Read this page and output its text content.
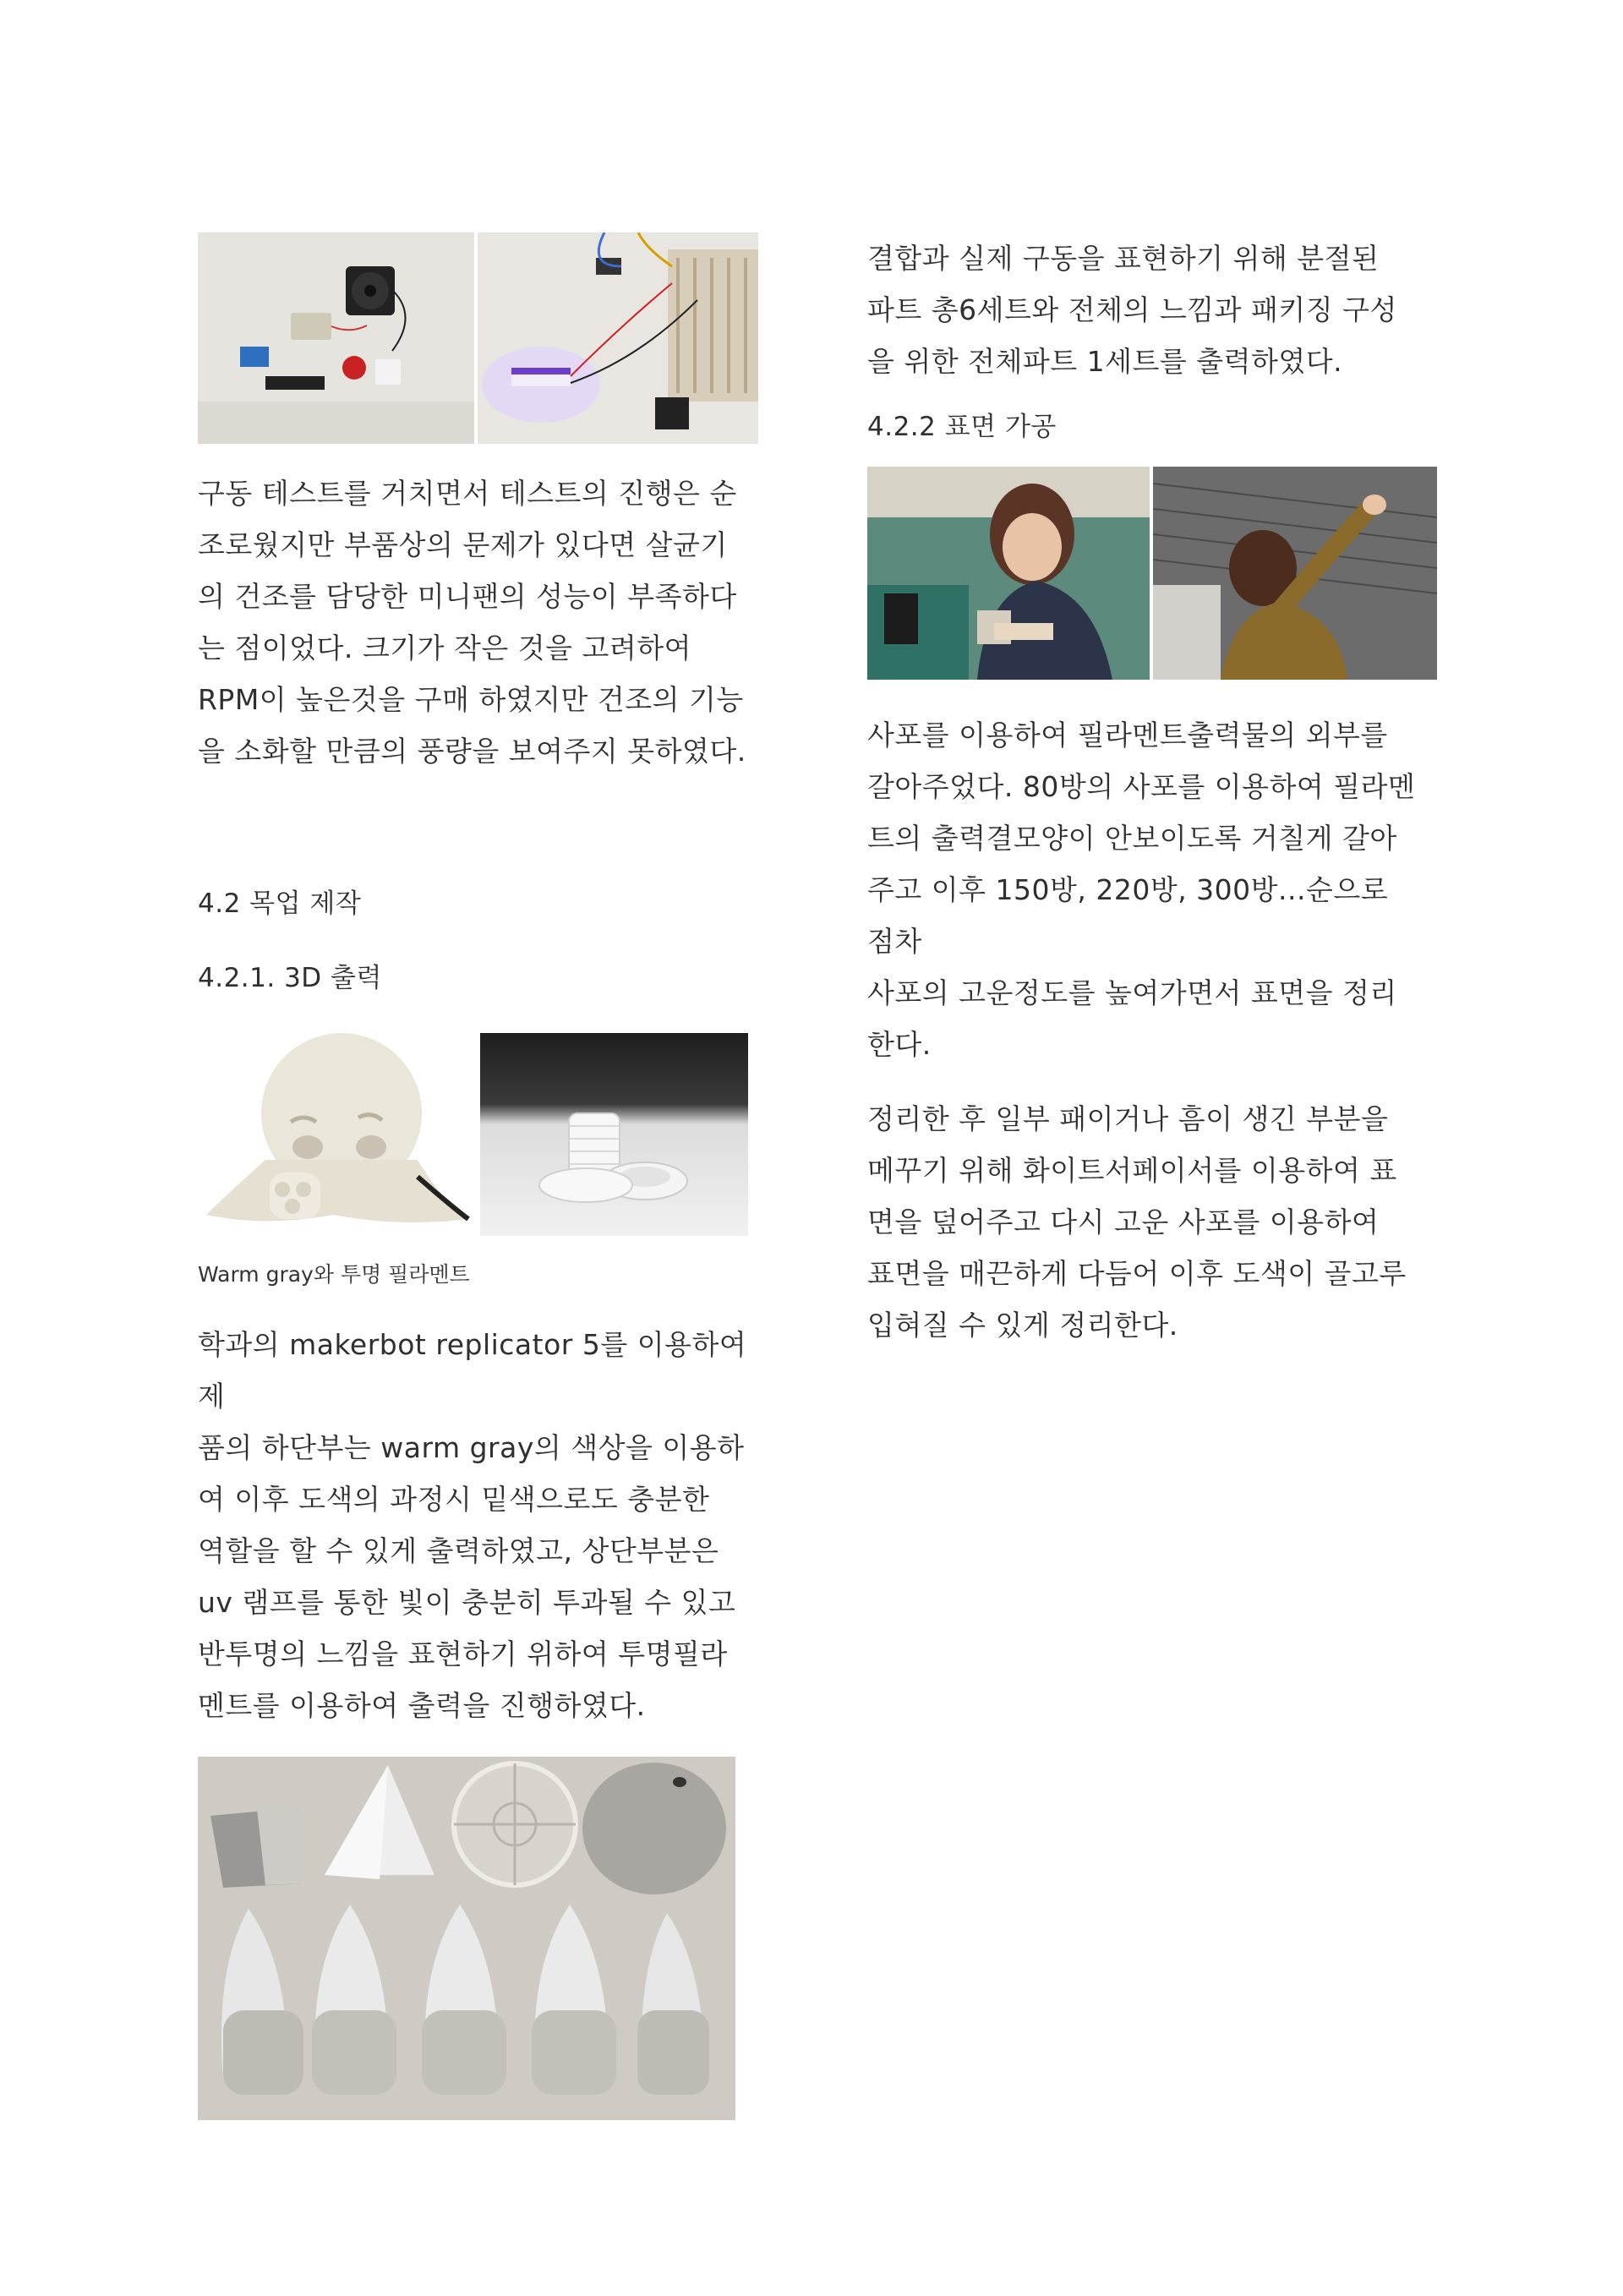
구동 테스트를 거치면서 테스트의 진행은 순
조로웠지만 부품상의 문제가 있다면 살균기
의 건조를 담당한 미니팬의 성능이 부족하다
는 점이었다. 크기가 작은 것을 고려하여
RPM이 높은것을 구매 하였지만 건조의 기능
을 소화할 만큼의 풍량을 보여주지 못하였다.

4.2 목업 제작

4.2.1. 3D 출력

Warm gray와 투명 필라멘트

학과의 makerbot replicator 5를 이용하여 제
품의 하단부는 warm gray의 색상을 이용하
여 이후 도색의 과정시 밑색으로도 충분한
역할을 할 수 있게 출력하였고, 상단부분은
uv 램프를 통한 빛이 충분히 투과될 수 있고
반투명의 느낌을 표현하기 위하여 투명필라
멘트를 이용하여 출력을 진행하였다.

결합과 실제 구동을 표현하기 위해 분절된
파트 총6세트와 전체의 느낌과 패키징 구성
을 위한 전체파트 1세트를 출력하였다.

4.2.2 표면 가공

사포를 이용하여 필라멘트출력물의 외부를
갈아주었다. 80방의 사포를 이용하여 필라멘
트의 출력결모양이 안보이도록 거칠게 갈아
주고 이후 150방, 220방, 300방...순으로 점차
사포의 고운정도를 높여가면서 표면을 정리
한다.

정리한 후 일부 패이거나 흠이 생긴 부분을
메꾸기 위해 화이트서페이서를 이용하여 표
면을 덮어주고 다시 고운 사포를 이용하여
표면을 매끈하게 다듬어 이후 도색이 골고루
입혀질 수 있게 정리한다.
